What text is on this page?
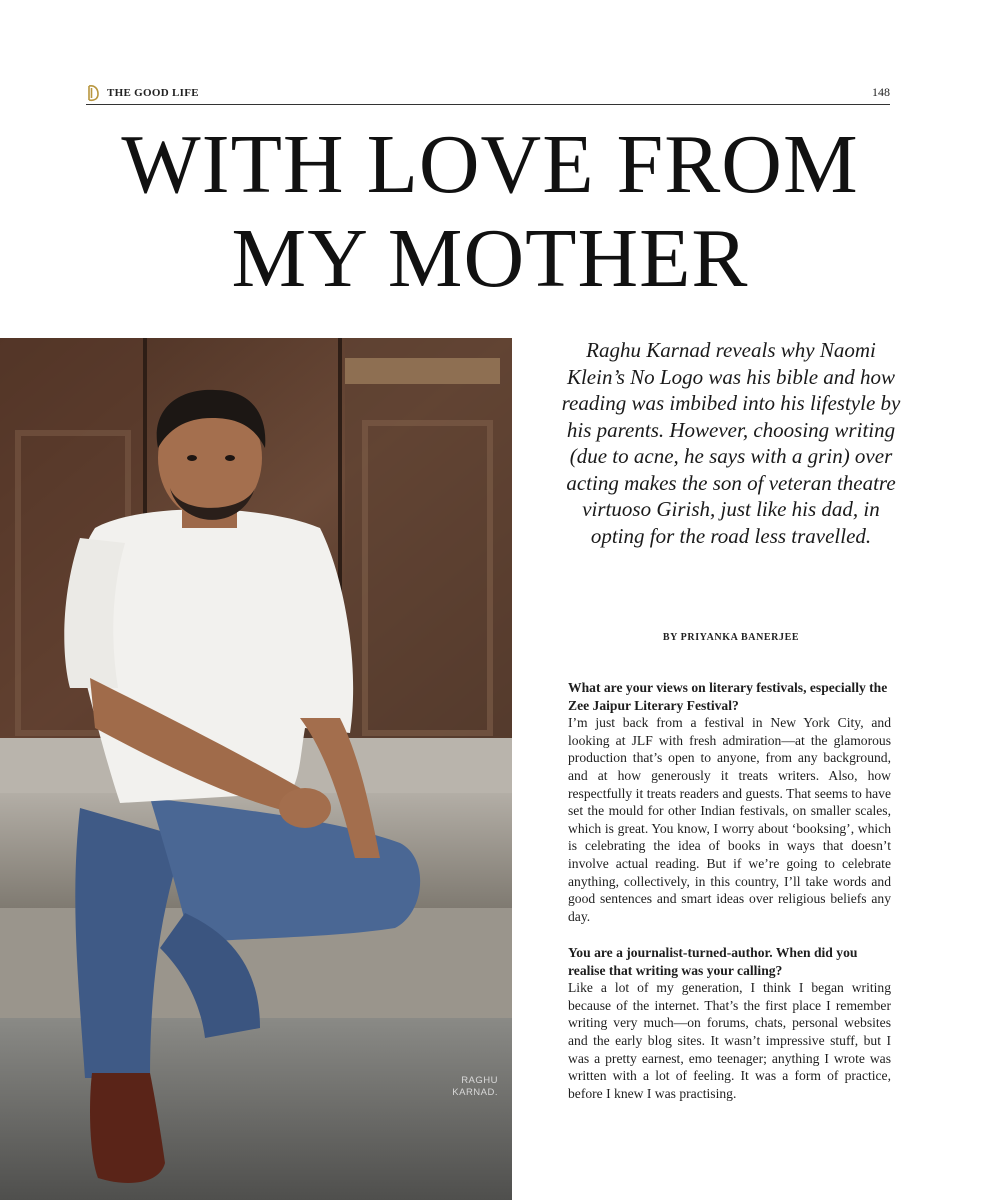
THE GOOD LIFE	148
WITH LOVE FROM
MY MOTHER
RAGHU
KARNAD.

Raghu Karnad reveals why Naomi Klein’s No Logo was his bible and how reading was imbibed into his lifestyle by his parents. However, choosing writing (due to acne, he says with a grin) over acting makes the son of veteran theatre virtuoso Girish, just like his dad, in opting for the road less travelled.

BY PRIYANKA BANERJEE

What are your views on literary festivals, especially the Zee Jaipur Literary Festival?

I’m just back from a festival in New York City, and looking at JLF with fresh admiration—at the glamorous production that’s open to anyone, from any background, and at how generously it treats writers. Also, how respectfully it treats readers and guests. That seems to have set the mould for other Indian festivals, on smaller scales, which is great. You know, I worry about ‘booksing’, which is celebrating the idea of books in ways that doesn’t involve actual reading. But if we’re going to celebrate anything, collectively, in this country, I’ll take words and good sentences and smart ideas over religious beliefs any day.

You are a journalist-turned-author. When did you realise that writing was your calling?

Like a lot of my generation, I think I began writing because of the internet. That’s the first place I remember writing very much—on forums, chats, personal websites and the early blog sites. It wasn’t impressive stuff, but I was a pretty earnest, emo teenager; anything I wrote was written with a lot of feeling. It was a form of practice, before I knew I was practising.
